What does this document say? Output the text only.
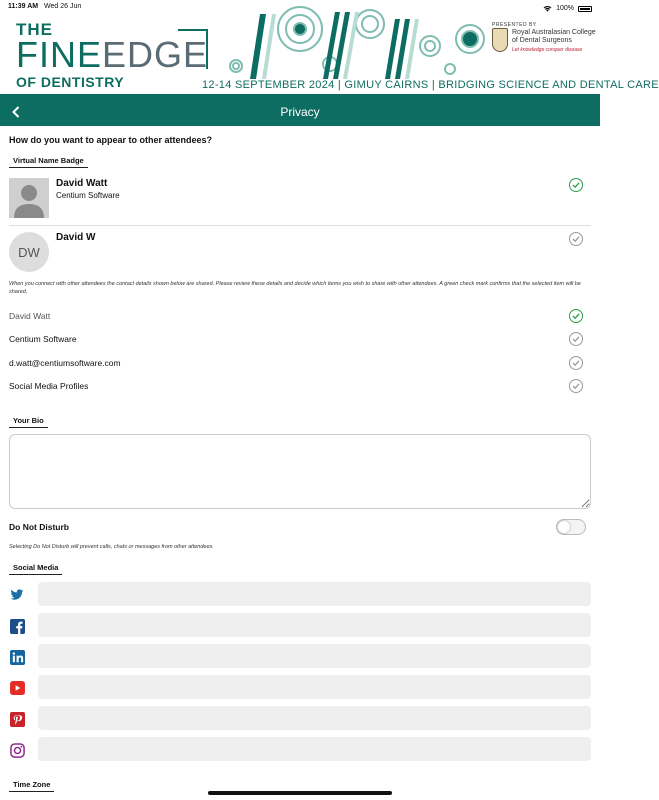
11:39 AM Wed 26 Jun	100%
THE
FINEEDGE
OF DENTISTRY
PRESENTED BY
Royal Australasian College of Dental Surgeons
Let knowledge conquer disease
12-14 SEPTEMBER 2024 | GIMUY CAIRNS | BRIDGING SCIENCE AND DENTAL CARE
Privacy
How do you want to appear to other attendees?
Virtual Name Badge
David Watt
Centium Software
DW
David W
When you connect with other attendees the contact details shown below are shared. Please review these details and decide which items you wish to share with other attendees. A green check mark confirms that the selected item will be shared.
David Watt
Centium Software
d.watt@centiumsoftware.com
Social Media Profiles
Your Bio
Do Not Disturb
Selecting Do Not Disturb will prevent calls, chats or messages from other attendees.
Social Media
Time Zone
